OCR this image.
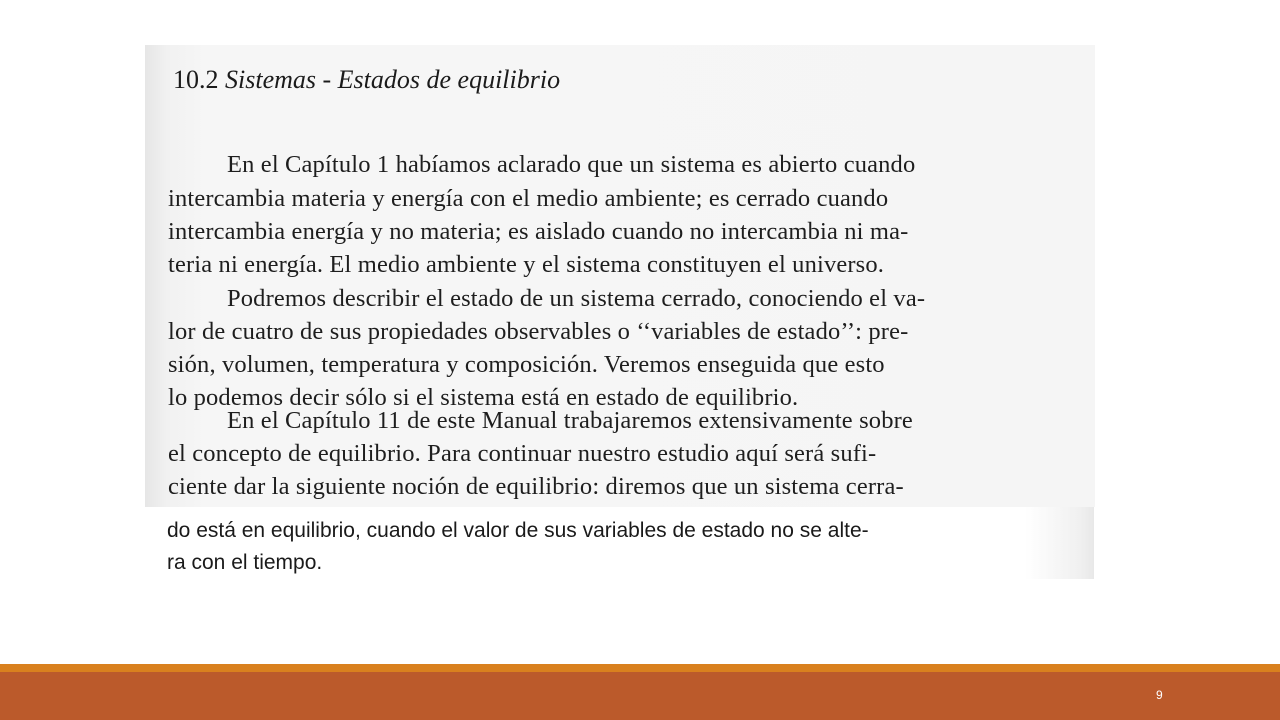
10.2 Sistemas - Estados de equilibrio
En el Capítulo 1 habíamos aclarado que un sistema es abierto cuando
intercambia materia y energía con el medio ambiente; es cerrado cuando
intercambia energía y no materia; es aislado cuando no intercambia ni ma-
teria ni energía. El medio ambiente y el sistema constituyen el universo.
Podremos describir el estado de un sistema cerrado, conociendo el va-
lor de cuatro de sus propiedades observables o ‘‘variables de estado’’: pre-
sión, volumen, temperatura y composición. Veremos enseguida que esto
lo podemos decir sólo si el sistema está en estado de equilibrio.
En el Capítulo 11 de este Manual trabajaremos extensivamente sobre
el concepto de equilibrio. Para continuar nuestro estudio aquí será sufi-
ciente dar la siguiente noción de equilibrio: diremos que un sistema cerra-
do está en equilibrio, cuando el valor de sus variables de estado no se alte-
ra con el tiempo.
9
